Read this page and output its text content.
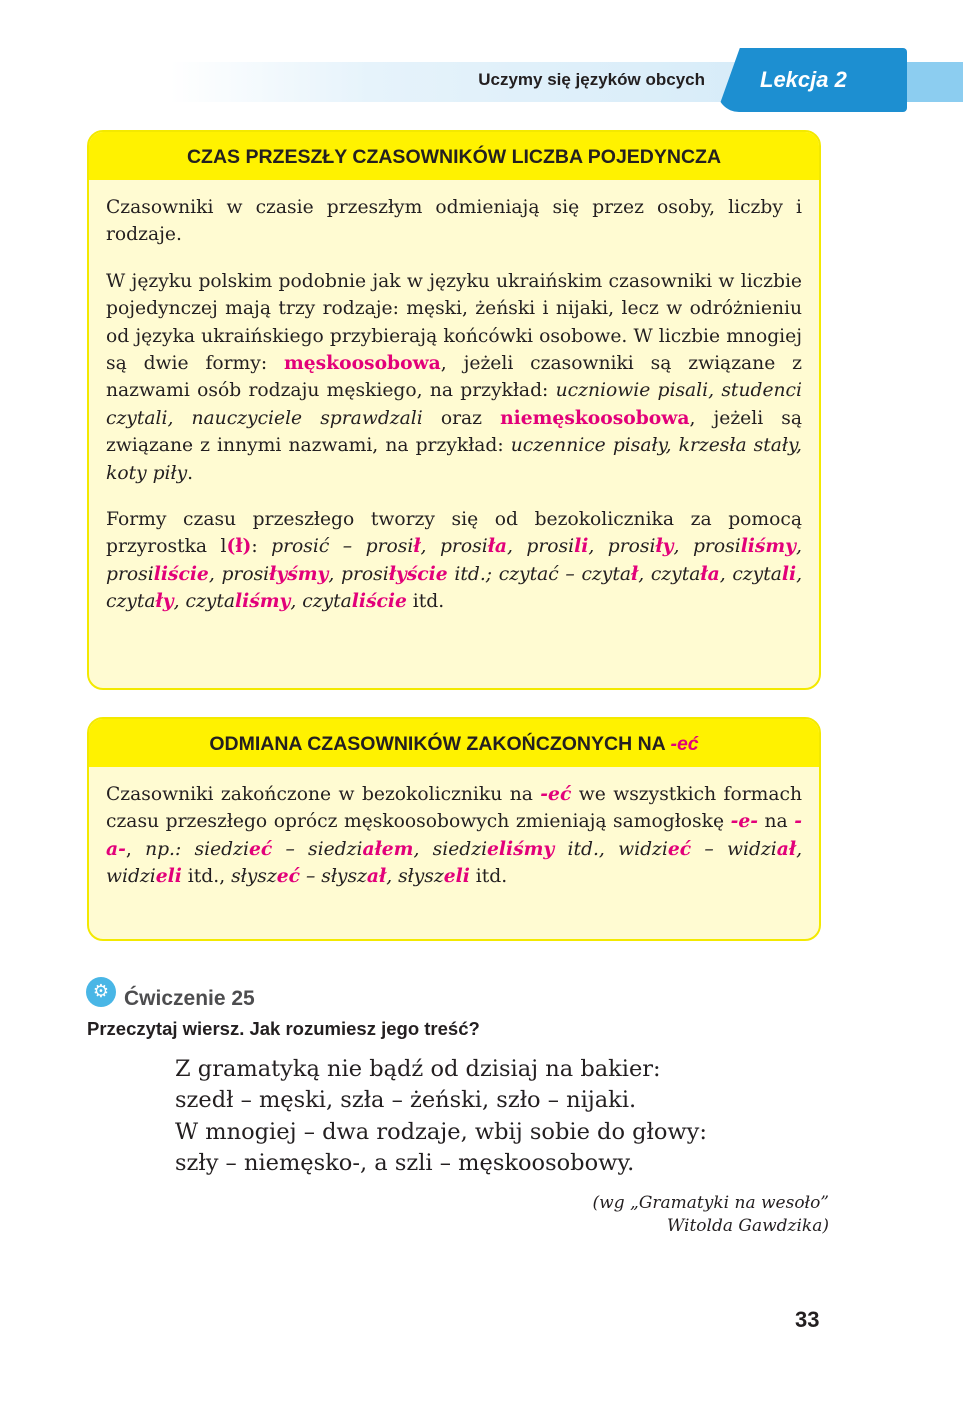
Uczymy się języków obcych	Lekcja 2
CZAS PRZESZŁY CZASOWNIKÓW LICZBA POJEDYNCZA

Czasowniki w czasie przeszłym odmieniają się przez osoby, liczby i rodzaje.

W języku polskim podobnie jak w języku ukraińskim czasowniki w liczbie pojedynczej mają trzy rodzaje: męski, żeński i nijaki, lecz w odróżnieniu od języka ukraińskiego przybierają końcówki osobowe. W liczbie mnogiej są dwie formy: męskoosobowa, jeżeli czasowniki są związane z nazwami osób rodzaju męskiego, na przykład: uczniowie pisali, studenci czytali, nauczyciele sprawdzali oraz niemęskoosobowa, jeżeli są związane z innymi nazwami, na przykład: uczennice pisały, krzesła stały, koty piły.

Formy czasu przeszłego tworzy się od bezokolicznika za pomocą przyrostka l(ł): prosić – prosił, prosiła, prosili, prosiły, prosiliśmy, prosiliście, prosiłyśmy, prosiłyście itd.; czytać – czytał, czytała, czytali, czytały, czytaliśmy, czytaliście itd.

ODMIANA CZASOWNIKÓW ZAKOŃCZONYCH NA -eć

Czasowniki zakończone w bezokoliczniku na -eć we wszystkich formach czasu przeszłego oprócz męskoosobowych zmieniają samogłoskę -e- na -a-, np.: siedzieć – siedziałem, siedzieliśmy itd., widzieć – widział, widzieli itd., słyszeć – słyszał, słyszeli itd.

⚙ Ćwiczenie 25
Przeczytaj wiersz. Jak rozumiesz jego treść?
Z gramatyką nie bądź od dzisiaj na bakier:
szedł – męski, szła – żeński, szło – nijaki.
W mnogiej – dwa rodzaje, wbij sobie do głowy:
szły – niemęsko-, a szli – męskoosobowy.
(wg „Gramatyki na wesoło”
Witolda Gawdzika)
33
